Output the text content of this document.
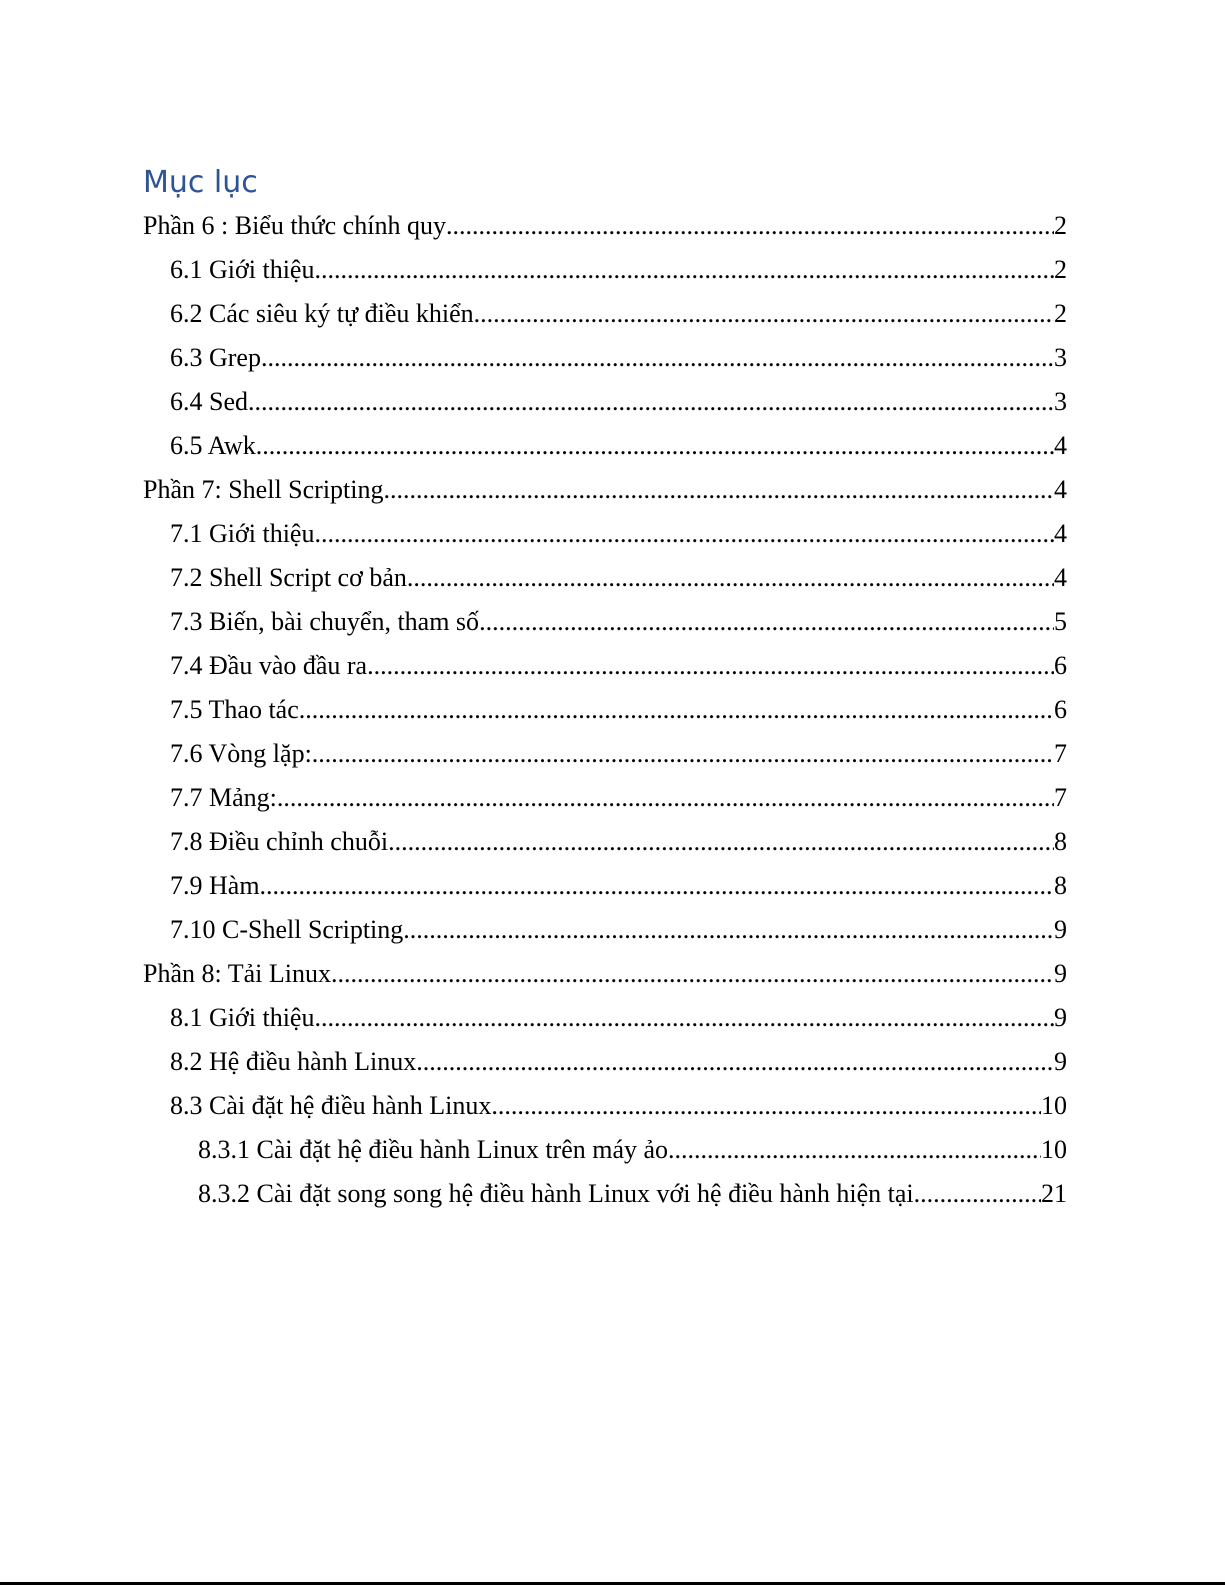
Mục lục
Phần 6 : Biểu thức chính quy .....	2
6.1 Giới thiệu .....	2
6.2 Các siêu ký tự điều khiển .....	2
6.3 Grep .....	3
6.4 Sed .....	3
6.5 Awk .....	4
Phần 7: Shell Scripting .....	4
7.1 Giới thiệu .....	4
7.2 Shell Script cơ bản .....	4
7.3 Biến, bài chuyển, tham số .....	5
7.4 Đầu vào đầu ra .....	6
7.5 Thao tác .....	6
7.6 Vòng lặp: .....	7
7.7 Mảng: .....	7
7.8 Điều chỉnh chuỗi .....	8
7.9 Hàm .....	8
7.10 C-Shell Scripting .....	9
Phần 8: Tải Linux .....	9
8.1 Giới thiệu .....	9
8.2 Hệ điều hành Linux .....	9
8.3 Cài đặt hệ điều hành Linux .....	10
8.3.1 Cài đặt hệ điều hành Linux trên máy ảo .....	10
8.3.2 Cài đặt song song hệ điều hành Linux với hệ điều hành hiện tại .....	21
